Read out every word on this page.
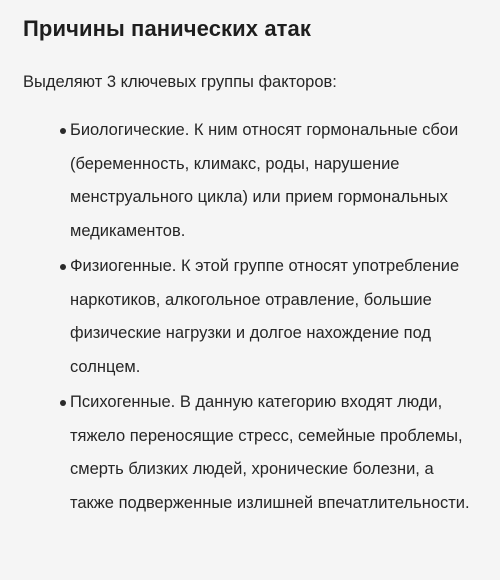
Причины панических атак

Выделяют 3 ключевых группы факторов:

Биологические. К ним относят гормональные сбои (беременность, климакс, роды, нарушение менструального цикла) или прием гормональных медикаментов.
Физиогенные. К этой группе относят употребление наркотиков, алкогольное отравление, большие физические нагрузки и долгое нахождение под солнцем.
Психогенные. В данную категорию входят люди, тяжело переносящие стресс, семейные проблемы, смерть близких людей, хронические болезни, а также подверженные излишней впечатлительности.
